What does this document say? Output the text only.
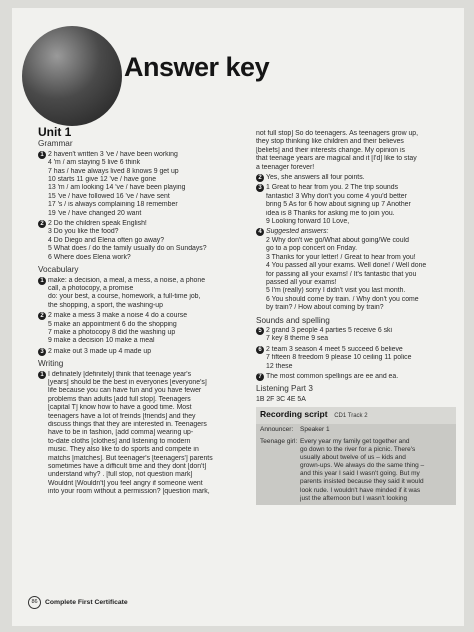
Answer key
Unit 1
Grammar
1 2 haven't written 3 've / have been working
4 'm / am staying 5 live 6 think
7 has / have always lived 8 knows 9 get up
10 starts 11 give 12 've / have gone
13 'm / am looking 14 've / have been playing
15 've / have followed 16 've / have sent
17 's / is always complaining 18 remember
19 've / have changed 20 want
2 2 Do the children speak English!
3 Do you like the food?
4 Do Diego and Elena often go away?
5 What does / do the family usually do on Sundays?
6 Where does Elena work?
Vocabulary
1 make: a decision, a meal, a mess, a noise, a phone
call, a photocopy, a promise
do: your best, a course, homework, a full-time job,
the shopping, a sport, the washing-up
2 2 make a mess 3 make a noise 4 do a course
5 make an appointment 6 do the shopping
7 make a photocopy 8 did the washing up
9 make a decision 10 make a meal
3 2 make out 3 made up 4 made up
Writing
1 I definately [definitely] think that teenage year's
[years] should be the best in everyones [everyone's]
life because you can have fun and you have fewer
problems than adults [add full stop]. Teenagers
[capital T] know how to have a good time. Most
teenagers have a lot of freinds [friends] and they
discuss things that they are interested in. Teenagers
have to be in fashion, [add comma] wearing up-
to-date cloths [clothes] and listening to modern
music. They also like to do sports and compete in
matchs [matches]. But teenager's [teenagers'] parents
sometimes have a difficult time and they dont [don't]
understand why? . [full stop, not question mark]
Wouldnt [Wouldn't] you feel angry if someone went
into your room without a permission? [question mark,
not full stop] So do teenagers. As teenagers grow up,
they stop thinking like children and their believes
[beliefs] and their interests change. My opinion is
that teenage years are magical and it [I'd] like to stay
a teenager forever!
2 Yes, she answers all four points.
3 1 Great to hear from you. 2 The trip sounds
fantastic! 3 Why don't you come 4 you'd better
bring 5 As for 6 how about signing up 7 Another
idea is 8 Thanks for asking me to join you.
9 Looking forward 10 Love,
4 Suggested answers:
2 Why don't we go/What about going/We could
go to a pop concert on Friday.
3 Thanks for your letter! / Great to hear from you!
4 You passed all your exams. Well done! / Well done
for passing all your exams! / It's fantastic that you
passed all your exams!
5 I'm (really) sorry I didn't visit you last month.
6 You should come by train. / Why don't you come
by train? / How about coming by train?
Sounds and spelling
5 2 grand 3 people 4 parties 5 receive 6 ski
7 key 8 theme 9 sea
6 2 team 3 season 4 meet 5 succeed 6 believe
7 fifteen 8 freedom 9 please 10 ceiling 11 police
12 these
7 The most common spellings are ee and ea.
Listening Part 3
1B 2F 3C 4E 5A
Recording script CD1 Track 2
Announcer:	Speaker 1
Teenage girl: Every year my family get together and
go down to the river for a picnic. There's
usually about twelve of us – kids and
grown-ups. We always do the same thing –
and this year I said I wasn't going. But my
parents insisted because they said it would
look rude. I wouldn't have minded if it was
just the afternoon but I wasn't looking
86	Complete First Certificate
